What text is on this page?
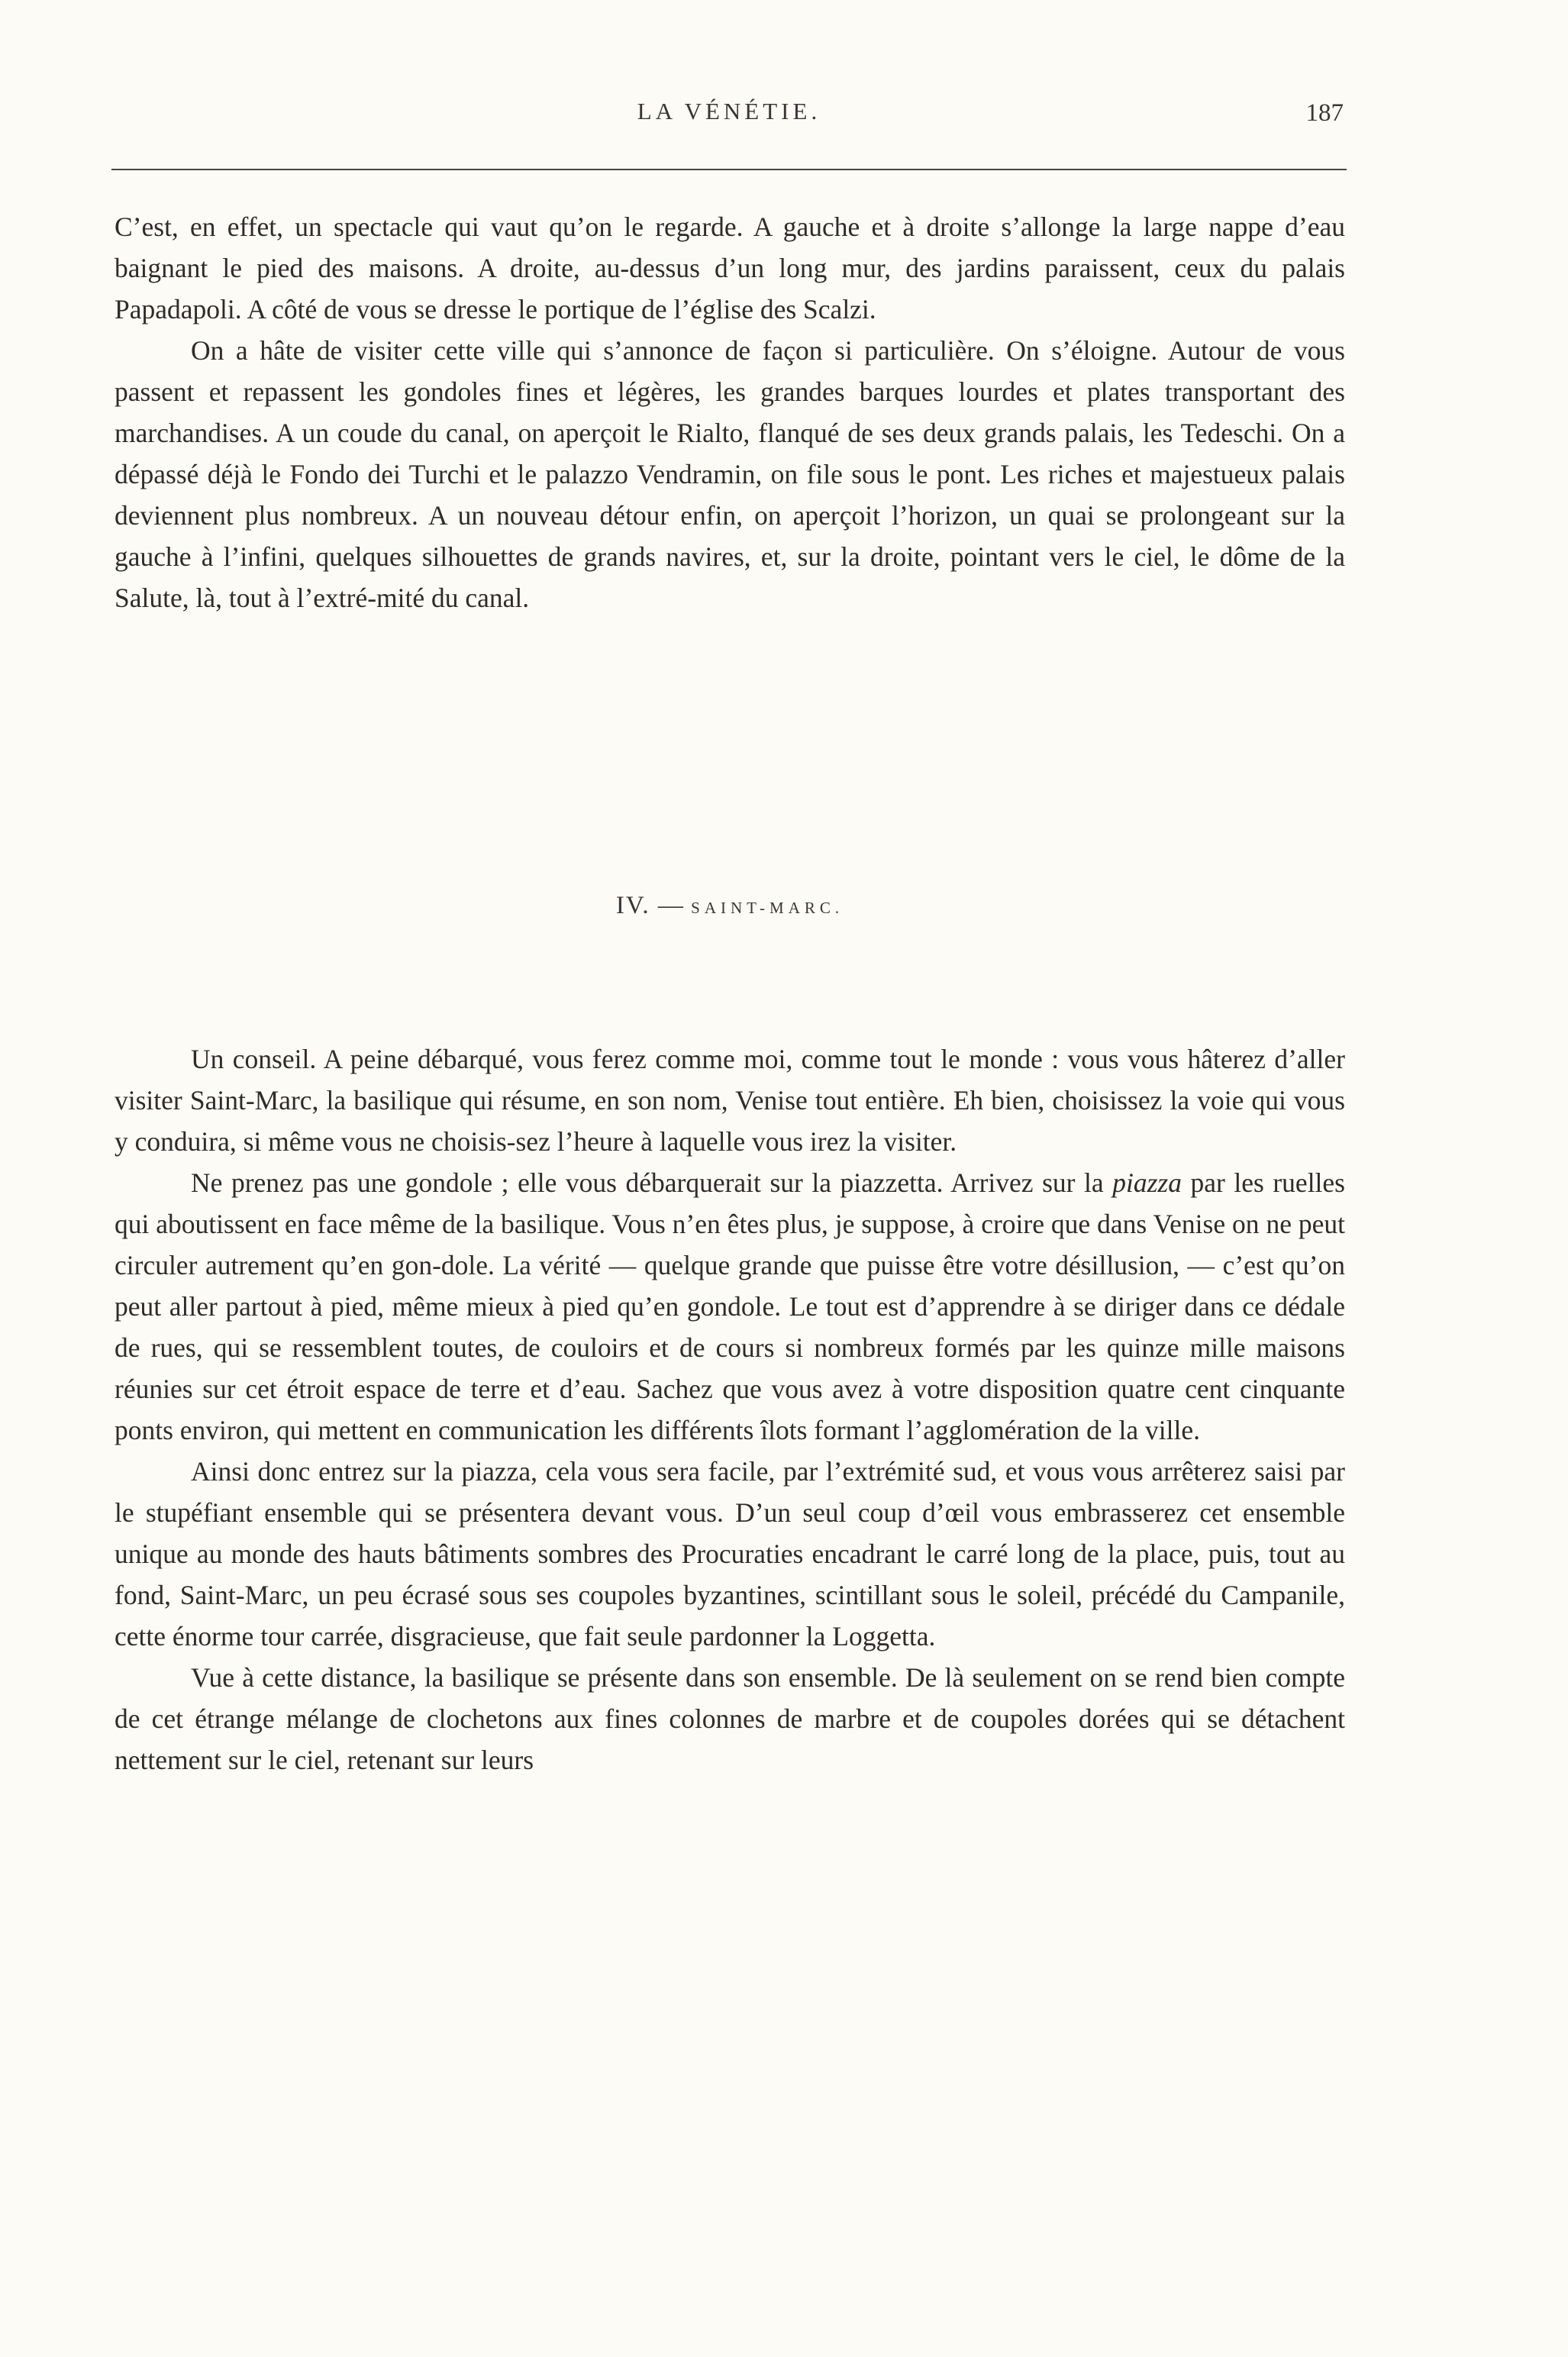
LA VÉNÉTIE.	187

C’est, en effet, un spectacle qui vaut qu’on le regarde. A gauche et à droite s’allonge la large nappe d’eau baignant le pied des maisons. A droite, au-dessus d’un long mur, des jardins paraissent, ceux du palais Papadapoli. A côté de vous se dresse le portique de l’église des Scalzi.

On a hâte de visiter cette ville qui s’annonce de façon si particulière. On s’éloigne. Autour de vous passent et repassent les gondoles fines et légères, les grandes barques lourdes et plates transportant des marchandises. A un coude du canal, on aperçoit le Rialto, flanqué de ses deux grands palais, les Tedeschi. On a dépassé déjà le Fondo dei Turchi et le palazzo Vendramin, on file sous le pont. Les riches et majestueux palais deviennent plus nombreux. A un nouveau détour enfin, on aperçoit l’horizon, un quai se prolongeant sur la gauche à l’infini, quelques silhouettes de grands navires, et, sur la droite, pointant vers le ciel, le dôme de la Salute, là, tout à l’extré-mité du canal.

IV. — SAINT-MARC.

Un conseil. A peine débarqué, vous ferez comme moi, comme tout le monde : vous vous hâterez d’aller visiter Saint-Marc, la basilique qui résume, en son nom, Venise tout entière. Eh bien, choisissez la voie qui vous y conduira, si même vous ne choisis-sez l’heure à laquelle vous irez la visiter.

Ne prenez pas une gondole ; elle vous débarquerait sur la piazzetta. Arrivez sur la piazza par les ruelles qui aboutissent en face même de la basilique. Vous n’en êtes plus, je suppose, à croire que dans Venise on ne peut circuler autrement qu’en gon-dole. La vérité — quelque grande que puisse être votre désillusion, — c’est qu’on peut aller partout à pied, même mieux à pied qu’en gondole. Le tout est d’apprendre à se diriger dans ce dédale de rues, qui se ressemblent toutes, de couloirs et de cours si nombreux formés par les quinze mille maisons réunies sur cet étroit espace de terre et d’eau. Sachez que vous avez à votre disposition quatre cent cinquante ponts environ, qui mettent en communication les différents îlots formant l’agglomération de la ville.

Ainsi donc entrez sur la piazza, cela vous sera facile, par l’extrémité sud, et vous vous arrêterez saisi par le stupéfiant ensemble qui se présentera devant vous. D’un seul coup d’œil vous embrasserez cet ensemble unique au monde des hauts bâtiments sombres des Procuraties encadrant le carré long de la place, puis, tout au fond, Saint-Marc, un peu écrasé sous ses coupoles byzantines, scintillant sous le soleil, précédé du Campanile, cette énorme tour carrée, disgracieuse, que fait seule pardonner la Loggetta.

Vue à cette distance, la basilique se présente dans son ensemble. De là seulement on se rend bien compte de cet étrange mélange de clochetons aux fines colonnes de marbre et de coupoles dorées qui se détachent nettement sur le ciel, retenant sur leurs
